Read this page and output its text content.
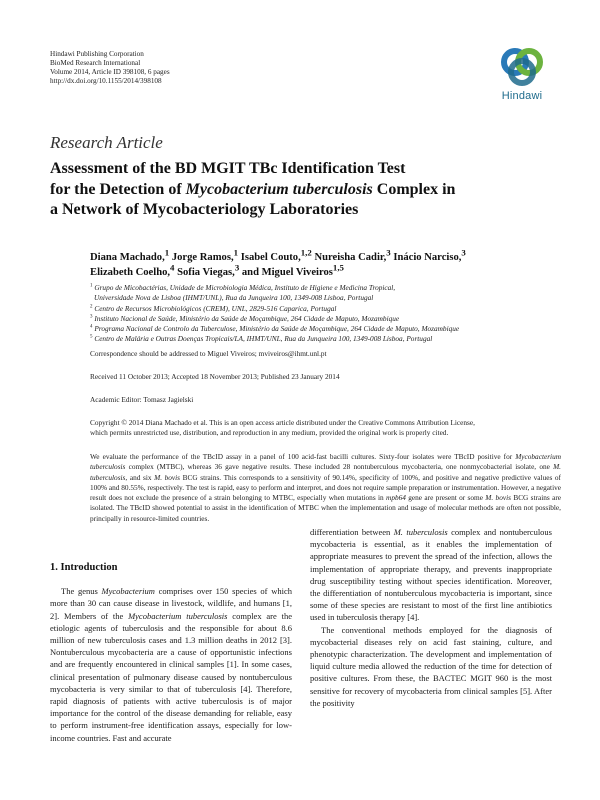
Hindawi Publishing Corporation
BioMed Research International
Volume 2014, Article ID 398108, 6 pages
http://dx.doi.org/10.1155/2014/398108
Hindawi
Research Article
Assessment of the BD MGIT TBc Identification Test
for the Detection of Mycobacterium tuberculosis Complex in
a Network of Mycobacteriology Laboratories
Diana Machado,$^1$ Jorge Ramos,$^1$ Isabel Couto,$^{1,2}$ Nureisha Cadir,$^3$ Inácio Narciso,$^3$
Elizabeth Coelho,$^4$ Sofia Viegas,$^3$ and Miguel Viveiros$^{1,5}$
$^1$ Grupo de Micobactérias, Unidade de Microbiologia Médica, Instituto de Higiene e Medicina Tropical,
Universidade Nova de Lisboa (IHMT/UNL), Rua da Junqueira 100, 1349-008 Lisboa, Portugal
$^2$ Centro de Recursos Microbiológicos (CREM), UNL, 2829-516 Caparica, Portugal
$^3$ Instituto Nacional de Saúde, Ministério da Saúde de Moçambique, 264 Cidade de Maputo, Mozambique
$^4$ Programa Nacional de Controlo da Tuberculose, Ministério da Saúde de Moçambique, 264 Cidade de Maputo, Mozambique
$^5$ Centro de Malária e Outras Doenças Tropicais/LA, IHMT/UNL, Rua da Junqueira 100, 1349-008 Lisboa, Portugal
Correspondence should be addressed to Miguel Viveiros; mviveiros@ihmt.unl.pt
Received 11 October 2013; Accepted 18 November 2013; Published 23 January 2014
Academic Editor: Tomasz Jagielski
Copyright © 2014 Diana Machado et al. This is an open access article distributed under the Creative Commons Attribution License,
which permits unrestricted use, distribution, and reproduction in any medium, provided the original work is properly cited.
We evaluate the performance of the TBcID assay in a panel of 100 acid-fast bacilli cultures. Sixty-four isolates were TBcID positive for Mycobacterium tuberculosis complex (MTBC), whereas 36 gave negative results. These included 28 nontuberculous mycobacteria, one nonmycobacterial isolate, one M. tuberculosis, and six M. bovis BCG strains. This corresponds to a sensitivity of 90.14%, specificity of 100%, and positive and negative predictive values of 100% and 80.55%, respectively. The test is rapid, easy to perform and interpret, and does not require sample preparation or instrumentation. However, a negative result does not exclude the presence of a strain belonging to MTBC, especially when mutations in mpb64 gene are present or some M. bovis BCG strains are isolated. The TBcID showed potential to assist in the identification of MTBC when the implementation and usage of molecular methods are often not possible, principally in resource-limited countries.
1. Introduction

The genus Mycobacterium comprises over 150 species of which more than 30 can cause disease in livestock, wildlife, and humans [1, 2]. Members of the Mycobacterium tuberculosis complex are the etiologic agents of tuberculosis and the responsible for about 8.6 million of new tuberculosis cases and 1.3 million deaths in 2012 [3]. Nontuberculous mycobacteria are a cause of opportunistic infections and are frequently encountered in clinical samples [1]. In some cases, clinical presentation of pulmonary disease caused by nontuberculous mycobacteria is very similar to that of tuberculosis [4]. Therefore, rapid diagnosis of patients with active tuberculosis is of major importance for the control of the disease demanding for reliable, easy to perform instrument-free identification assays, especially for low-income countries. Fast and accurate

differentiation between M. tuberculosis complex and nontuberculous mycobacteria is essential, as it enables the implementation of appropriate measures to prevent the spread of the infection, allows the implementation of appropriate therapy, and prevents inappropriate drug susceptibility testing without species identification. Moreover, the differentiation of nontuberculous mycobacteria is important, since some of these species are resistant to most of the first line antibiotics used in tuberculosis therapy [4].

The conventional methods employed for the diagnosis of mycobacterial diseases rely on acid fast staining, culture, and phenotypic characterization. The development and implementation of liquid culture media allowed the reduction of the time for detection of positive cultures. From these, the BACTEC MGIT 960 is the most sensitive for recovery of mycobacteria from clinical samples [5]. After the positivity
